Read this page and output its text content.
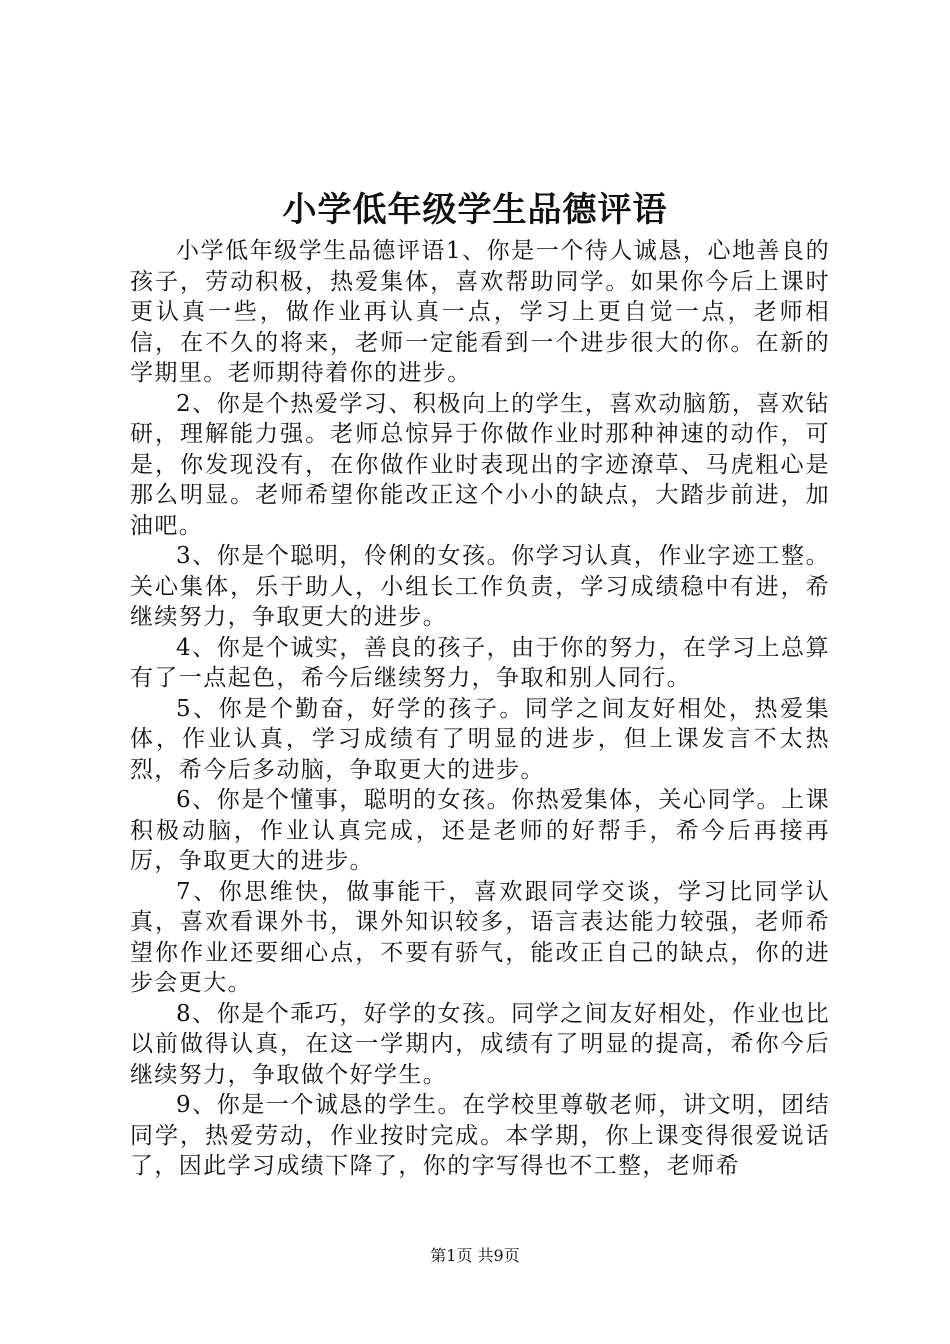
小学低年级学生品德评语

小学低年级学生品德评语1、你是一个待人诚恳，心地善良的孩子，劳动积极，热爱集体，喜欢帮助同学。如果你今后上课时更认真一些，做作业再认真一点，学习上更自觉一点，老师相信，在不久的将来，老师一定能看到一个进步很大的你。在新的学期里。老师期待着你的进步。

2、你是个热爱学习、积极向上的学生，喜欢动脑筋，喜欢钻研，理解能力强。老师总惊异于你做作业时那种神速的动作，可是，你发现没有，在你做作业时表现出的字迹潦草、马虎粗心是那么明显。老师希望你能改正这个小小的缺点，大踏步前进，加油吧。

3、你是个聪明，伶俐的女孩。你学习认真，作业字迹工整。关心集体，乐于助人，小组长工作负责，学习成绩稳中有进，希继续努力，争取更大的进步。

4、你是个诚实，善良的孩子，由于你的努力，在学习上总算有了一点起色，希今后继续努力，争取和别人同行。

5、你是个勤奋，好学的孩子。同学之间友好相处，热爱集体，作业认真，学习成绩有了明显的进步，但上课发言不太热烈，希今后多动脑，争取更大的进步。

6、你是个懂事，聪明的女孩。你热爱集体，关心同学。上课积极动脑，作业认真完成，还是老师的好帮手，希今后再接再厉，争取更大的进步。

7、你思维快，做事能干，喜欢跟同学交谈，学习比同学认真，喜欢看课外书，课外知识较多，语言表达能力较强，老师希望你作业还要细心点，不要有骄气，能改正自己的缺点，你的进步会更大。

8、你是个乖巧，好学的女孩。同学之间友好相处，作业也比以前做得认真，在这一学期内，成绩有了明显的提高，希你今后继续努力，争取做个好学生。

9、你是一个诚恳的学生。在学校里尊敬老师，讲文明，团结同学，热爱劳动，作业按时完成。本学期，你上课变得很爱说话了，因此学习成绩下降了，你的字写得也不工整，老师希

第1页 共9页
